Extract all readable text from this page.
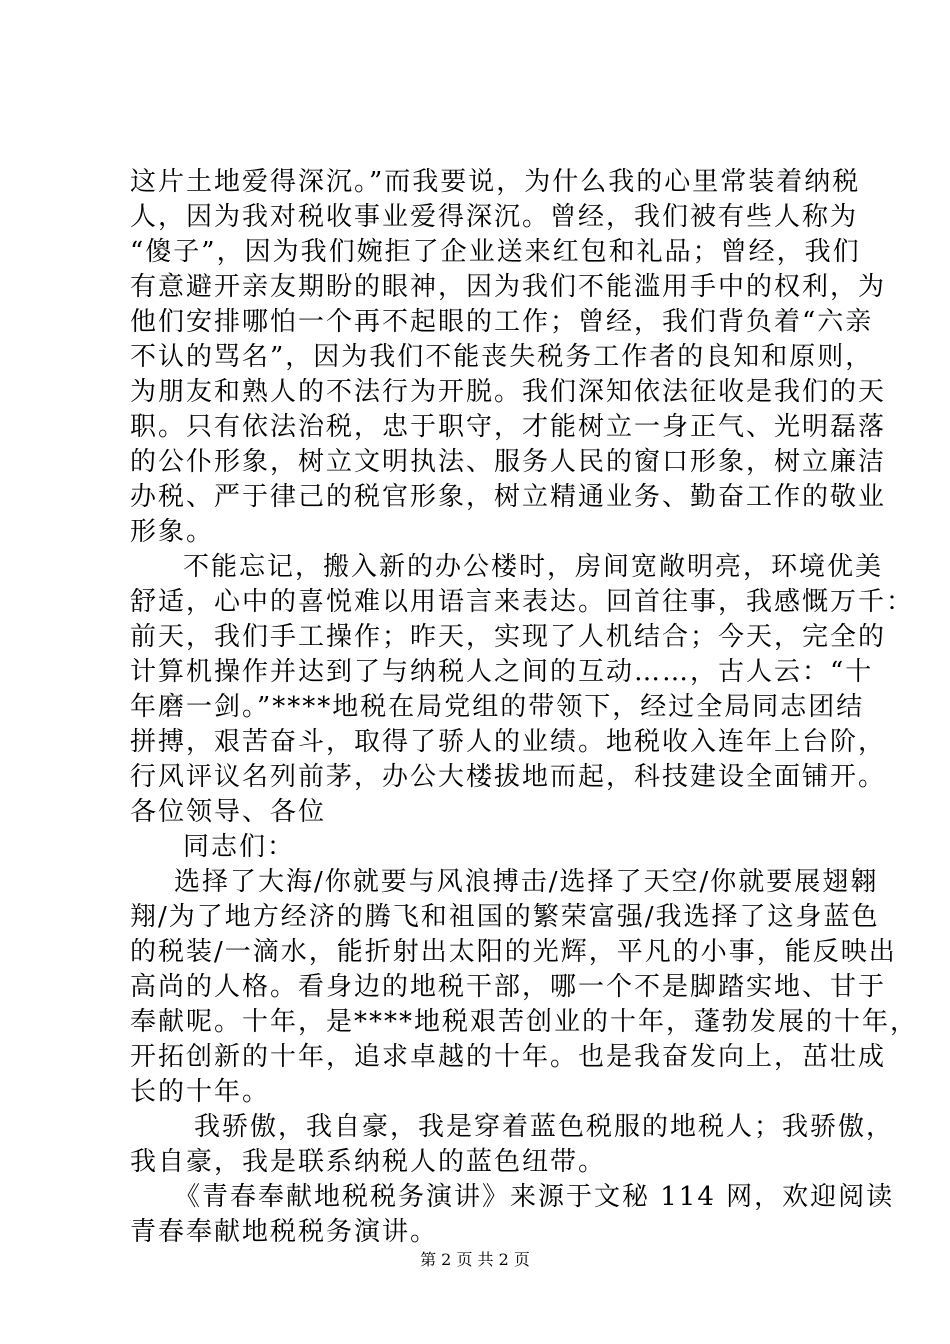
这片土地爱得深沉。”而我要说，为什么我的心里常装着纳税
人，因为我对税收事业爱得深沉。曾经，我们被有些人称为
“傻子”，因为我们婉拒了企业送来红包和礼品；曾经，我们
有意避开亲友期盼的眼神，因为我们不能滥用手中的权利，为
他们安排哪怕一个再不起眼的工作；曾经，我们背负着“六亲
不认的骂名”，因为我们不能丧失税务工作者的良知和原则，
为朋友和熟人的不法行为开脱。我们深知依法征收是我们的天
职。只有依法治税，忠于职守，才能树立一身正气、光明磊落
的公仆形象，树立文明执法、服务人民的窗口形象，树立廉洁
办税、严于律己的税官形象，树立精通业务、勤奋工作的敬业
形象。
不能忘记，搬入新的办公楼时，房间宽敞明亮，环境优美
舒适，心中的喜悦难以用语言来表达。回首往事，我感慨万千：
前天，我们手工操作；昨天，实现了人机结合；今天，完全的
计算机操作并达到了与纳税人之间的互动……，古人云：“十
年磨一剑。”****地税在局党组的带领下，经过全局同志团结
拼搏，艰苦奋斗，取得了骄人的业绩。地税收入连年上台阶，
行风评议名列前茅，办公大楼拔地而起，科技建设全面铺开。
各位领导、各位
同志们：
选择了大海/你就要与风浪搏击/选择了天空/你就要展翅翱
翔/为了地方经济的腾飞和祖国的繁荣富强/我选择了这身蓝色
的税装/一滴水，能折射出太阳的光辉，平凡的小事，能反映出
高尚的人格。看身边的地税干部，哪一个不是脚踏实地、甘于
奉献呢。十年，是****地税艰苦创业的十年，蓬勃发展的十年，
开拓创新的十年，追求卓越的十年。也是我奋发向上，茁壮成
长的十年。
我骄傲，我自豪，我是穿着蓝色税服的地税人；我骄傲，
我自豪，我是联系纳税人的蓝色纽带。
《青春奉献地税税务演讲》来源于文秘 114 网，欢迎阅读
青春奉献地税税务演讲。
第 2 页 共 2 页
